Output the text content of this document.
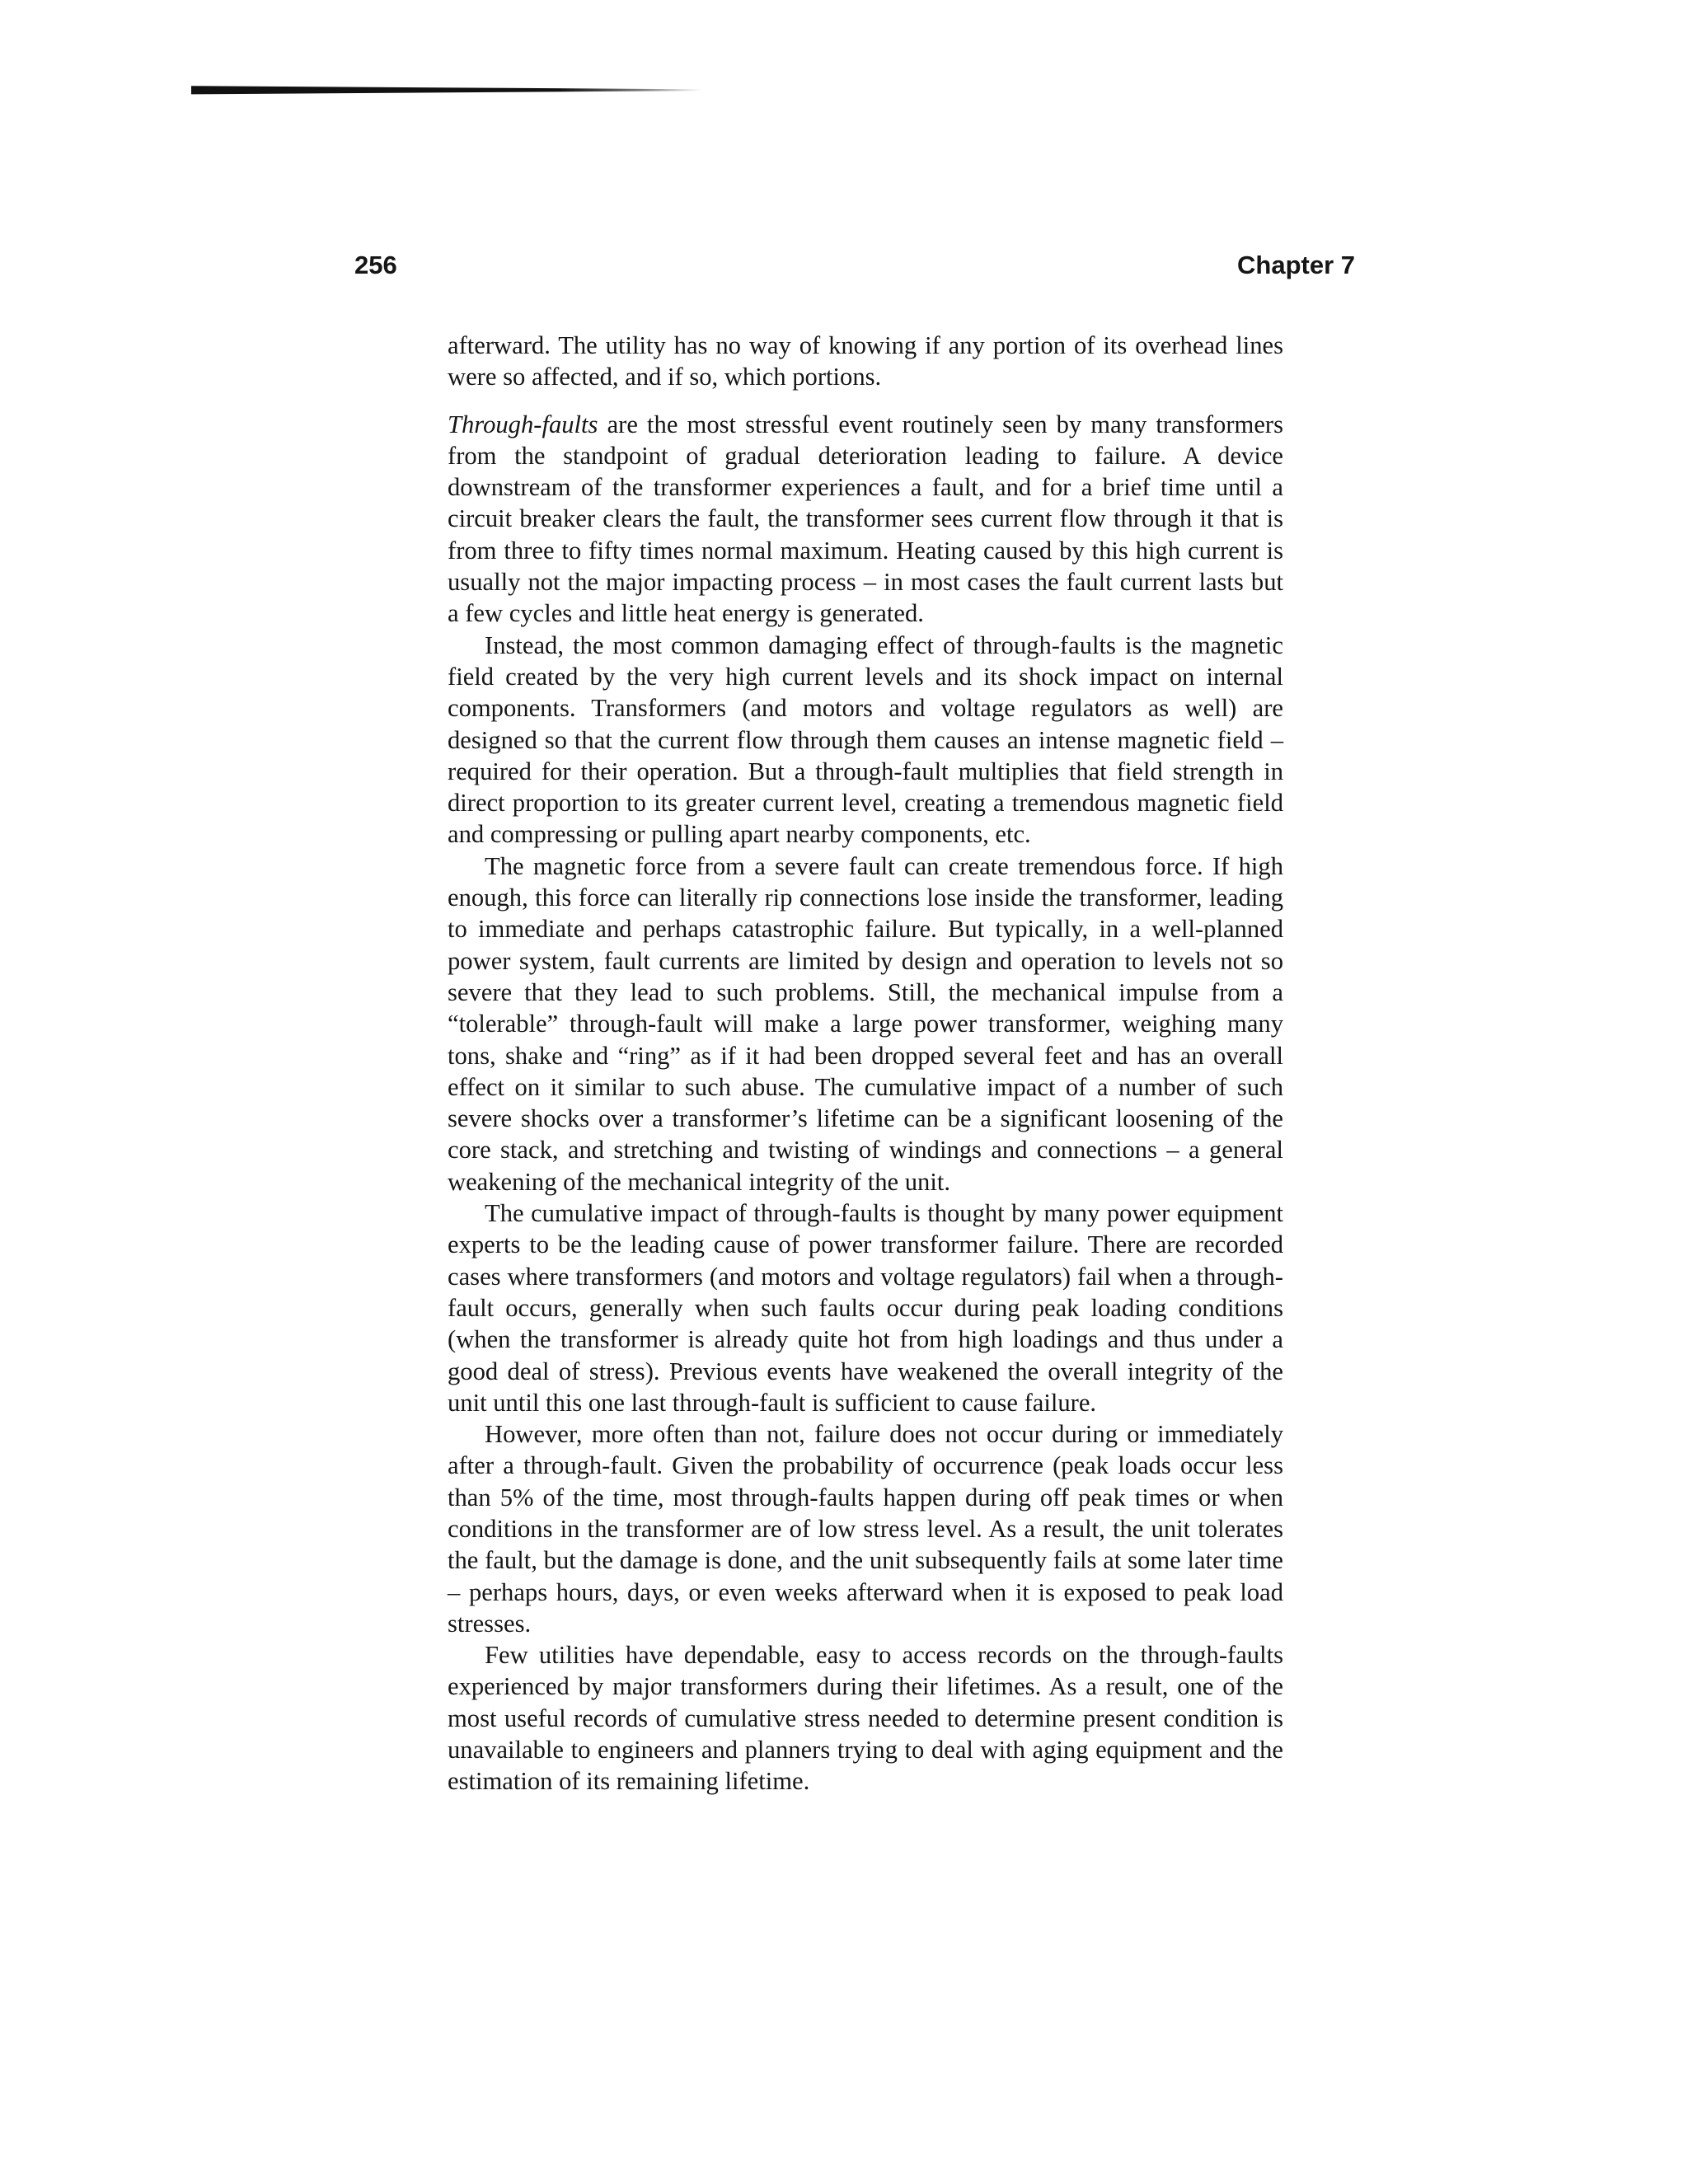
256	Chapter 7

afterward. The utility has no way of knowing if any portion of its overhead lines were so affected, and if so, which portions.

Through-faults are the most stressful event routinely seen by many transformers from the standpoint of gradual deterioration leading to failure. A device downstream of the transformer experiences a fault, and for a brief time until a circuit breaker clears the fault, the transformer sees current flow through it that is from three to fifty times normal maximum. Heating caused by this high current is usually not the major impacting process – in most cases the fault current lasts but a few cycles and little heat energy is generated.

Instead, the most common damaging effect of through-faults is the magnetic field created by the very high current levels and its shock impact on internal components. Transformers (and motors and voltage regulators as well) are designed so that the current flow through them causes an intense magnetic field – required for their operation. But a through-fault multiplies that field strength in direct proportion to its greater current level, creating a tremendous magnetic field and compressing or pulling apart nearby components, etc.

The magnetic force from a severe fault can create tremendous force. If high enough, this force can literally rip connections lose inside the transformer, leading to immediate and perhaps catastrophic failure. But typically, in a well-planned power system, fault currents are limited by design and operation to levels not so severe that they lead to such problems. Still, the mechanical impulse from a “tolerable” through-fault will make a large power transformer, weighing many tons, shake and “ring” as if it had been dropped several feet and has an overall effect on it similar to such abuse. The cumulative impact of a number of such severe shocks over a transformer’s lifetime can be a significant loosening of the core stack, and stretching and twisting of windings and connections – a general weakening of the mechanical integrity of the unit.

The cumulative impact of through-faults is thought by many power equipment experts to be the leading cause of power transformer failure. There are recorded cases where transformers (and motors and voltage regulators) fail when a through-fault occurs, generally when such faults occur during peak loading conditions (when the transformer is already quite hot from high loadings and thus under a good deal of stress). Previous events have weakened the overall integrity of the unit until this one last through-fault is sufficient to cause failure.

However, more often than not, failure does not occur during or immediately after a through-fault. Given the probability of occurrence (peak loads occur less than 5% of the time, most through-faults happen during off peak times or when conditions in the transformer are of low stress level. As a result, the unit tolerates the fault, but the damage is done, and the unit subsequently fails at some later time – perhaps hours, days, or even weeks afterward when it is exposed to peak load stresses.

Few utilities have dependable, easy to access records on the through-faults experienced by major transformers during their lifetimes. As a result, one of the most useful records of cumulative stress needed to determine present condition is unavailable to engineers and planners trying to deal with aging equipment and the estimation of its remaining lifetime.
